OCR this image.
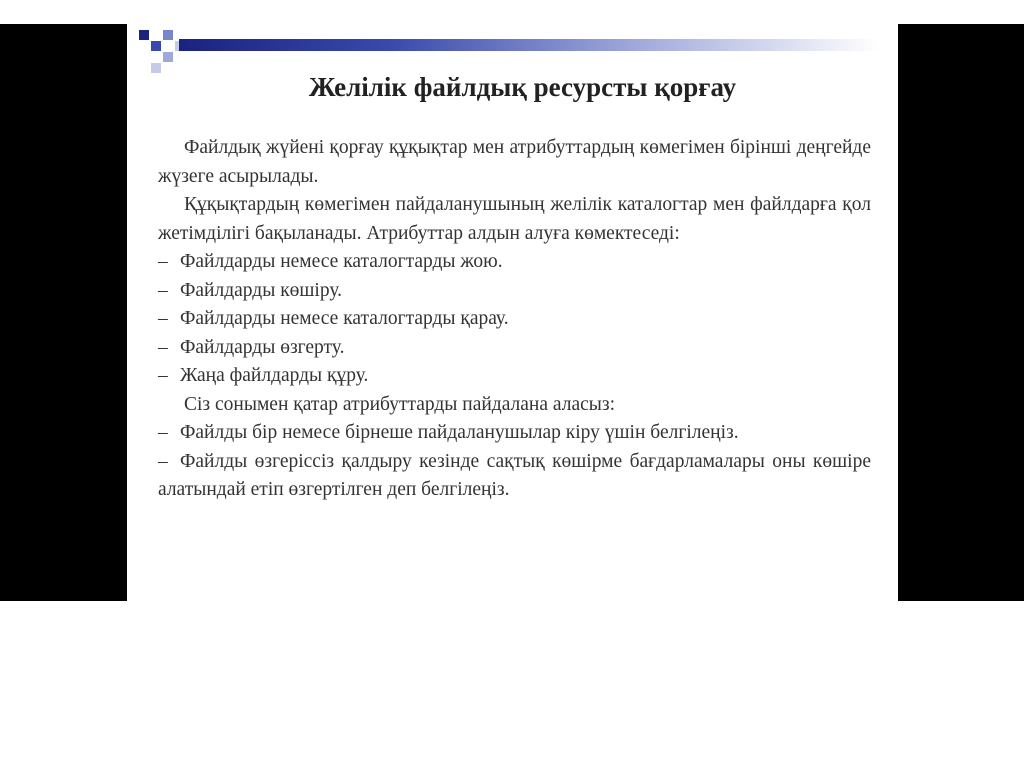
Желілік файлдық ресурсты қорғау

Файлдық жүйені қорғау құқықтар мен атрибуттардың көмегімен бірінші деңгейде жүзеге асырылады.

Құқықтардың көмегімен пайдаланушының желілік каталогтар мен файлдарға қол жетімділігі бақыланады. Атрибуттар алдын алуға көмектеседі:

– Файлдарды немесе каталогтарды жою.

– Файлдарды көшіру.

– Файлдарды немесе каталогтарды қарау.

– Файлдарды өзгерту.

– Жаңа файлдарды құру.

Сіз сонымен қатар атрибуттарды пайдалана аласыз:

– Файлды бір немесе бірнеше пайдаланушылар кіру үшін белгілеңіз.

– Файлды өзгеріссіз қалдыру кезінде сақтық көшірме бағдарламалары оны көшіре алатындай етіп өзгертілген деп белгілеңіз.
